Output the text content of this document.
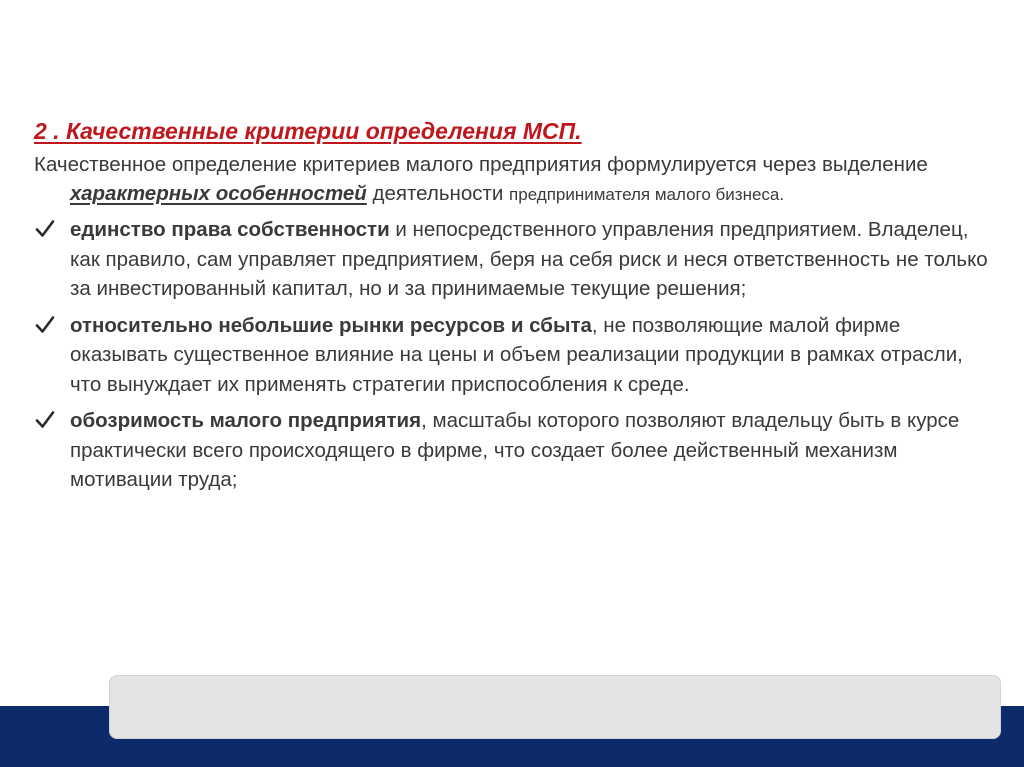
2 . Качественные критерии определения МСП.

Качественное определение критериев малого предприятия формулируется через выделение характерных особенностей деятельности предпринимателя малого бизнеса.

единство права собственности и непосредственного управления предприятием. Владелец, как правило, сам управляет предприятием, беря на себя риск и неся ответственность не только за инвестированный капитал, но и за принимаемые текущие решения;
относительно небольшие рынки ресурсов и сбыта, не позволяющие малой фирме оказывать существенное влияние на цены и объем реализации продукции в рамках отрасли, что вынуждает их применять стратегии приспособления к среде.
обозримость малого предприятия, масштабы которого позволяют владельцу быть в курсе практически всего происходящего в фирме, что создает более действенный механизм мотивации труда;
